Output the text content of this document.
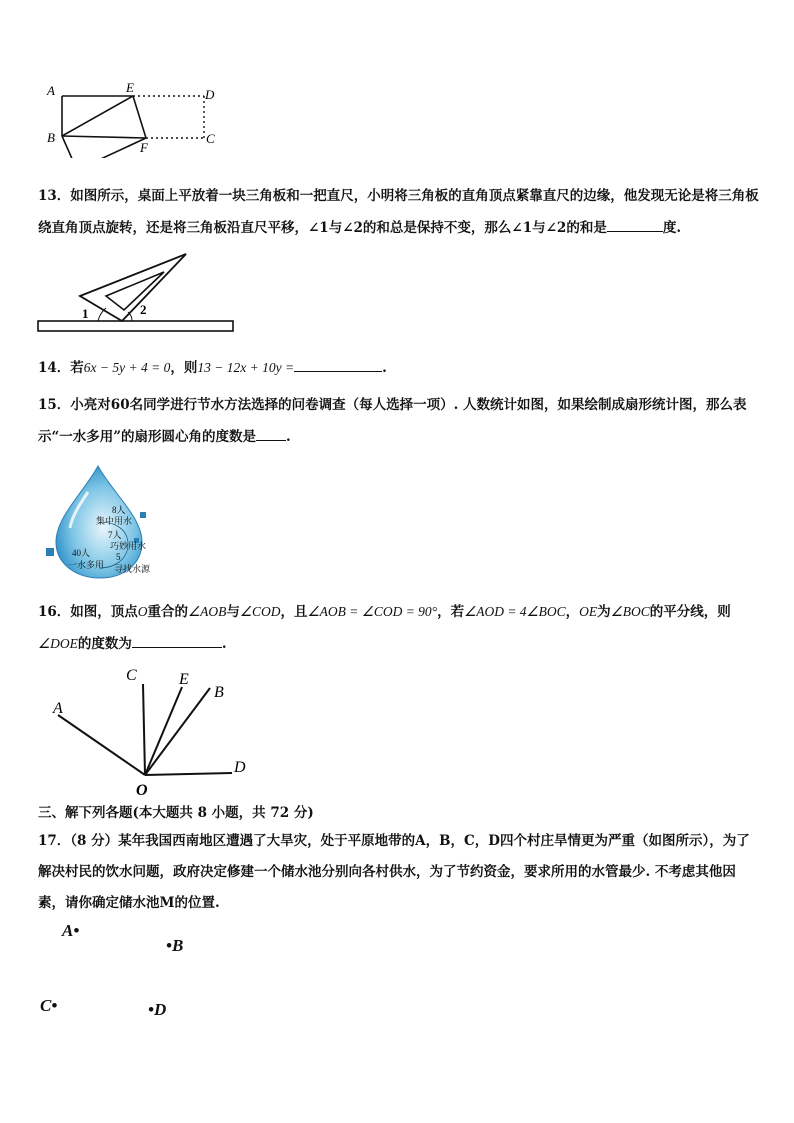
A	E	D
B
F
C
13．如图所示，桌面上平放着一块三角板和一把直尺，小明将三角板的直角顶点紧靠直尺的边缘，他发现无论是将三角板绕直角顶点旋转，还是将三角板沿直尺平移，∠1与∠2的和总是保持不变，那么∠1与∠2的和是	度.
1	2
14．若6x − 5y + 4 = 0，则13 − 12x + 10y =	.
15．小亮对60名同学进行节水方法选择的问卷调查（每人选择一项）. 人数统计如图，如果绘制成扇形统计图，那么表示“一水多用”的扇形圆心角的度数是 .
8人
集中用水
7人
巧妙用水
40人
一水多用
5
寻找水源
16．如图，顶点O重合的∠AOB与∠COD，且∠AOB = ∠COD = 90°，若∠AOD = 4∠BOC，OE为∠BOC的平分线，则∠DOE的度数为	.
C	E
B
A
D
O
三、解下列各题(本大题共 8 小题，共 72 分)
17．（8 分）某年我国西南地区遭遇了大旱灾，处于平原地带的A，B，C，D四个村庄旱情更为严重（如图所示），为了解决村民的饮水问题，政府决定修建一个储水池分别向各村供水，为了节约资金，要求所用的水管最少. 不考虑其他因素，请你确定储水池M的位置.
A•
•B
C•	•D
